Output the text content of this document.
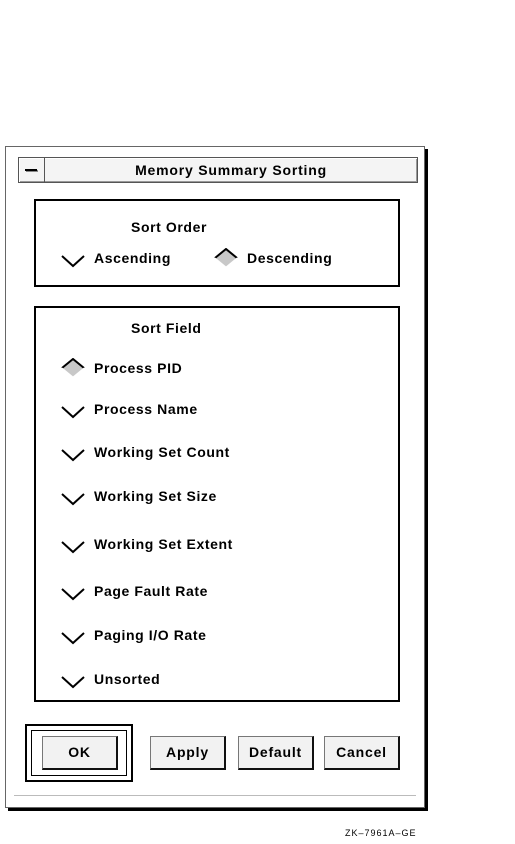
Memory Summary Sorting
Sort Order
Ascending	Descending
Sort Field
Process PID
Process Name
Working Set Count
Working Set Size
Working Set Extent
Page Fault Rate
Paging I/O Rate
Unsorted
OK	Apply	Default	Cancel
ZK–7961A–GE
